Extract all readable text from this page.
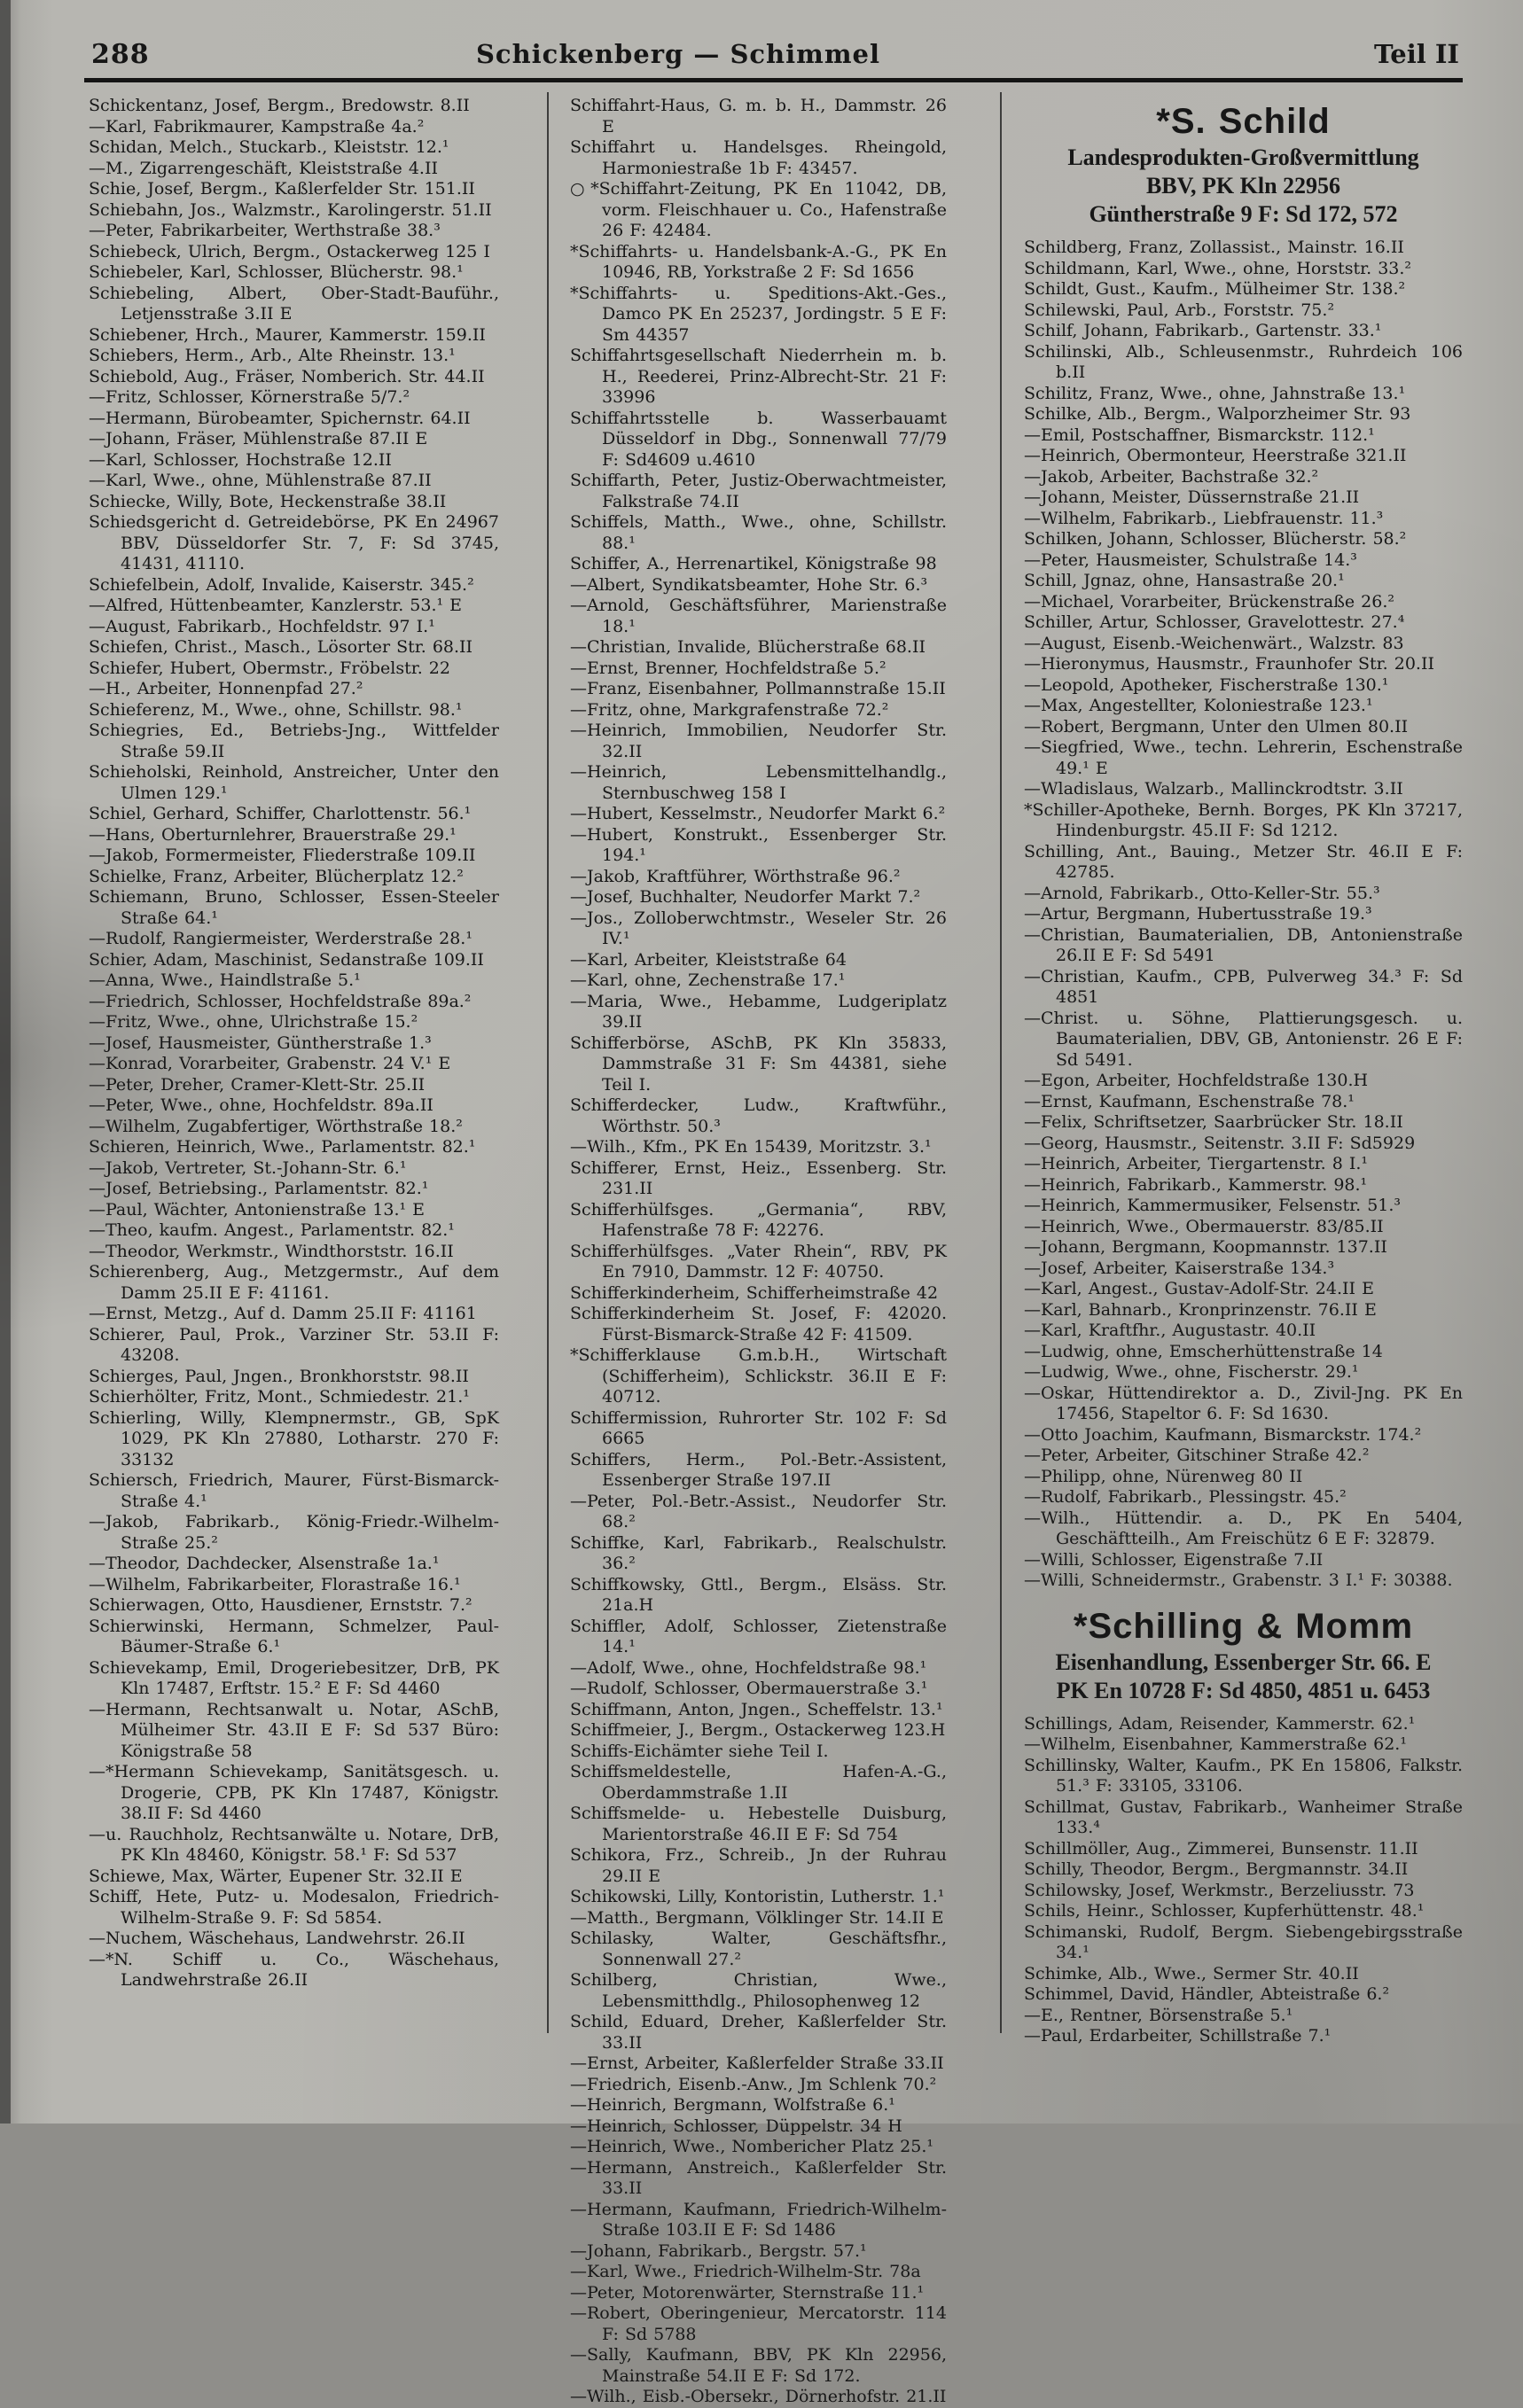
288	Schickenberg — Schimmel	Teil II
Schickentanz, Josef, Bergm., Bredowstr. 8.II
—Karl, Fabrikmaurer, Kampstraße 4a.²
Schidan, Melch., Stuckarb., Kleiststr. 12.¹
—M., Zigarrengeschäft, Kleiststraße 4.II
Schie, Josef, Bergm., Kaßlerfelder Str. 151.II
Schiebahn, Jos., Walzmstr., Karolingerstr. 51.II
—Peter, Fabrikarbeiter, Werthstraße 38.³
Schiebeck, Ulrich, Bergm., Ostackerweg 125 I
Schiebeler, Karl, Schlosser, Blücherstr. 98.¹
Schiebeling, Albert, Ober-Stadt-Bauführ., Letjensstraße 3.II E
Schiebener, Hrch., Maurer, Kammerstr. 159.II
Schiebers, Herm., Arb., Alte Rheinstr. 13.¹
Schiebold, Aug., Fräser, Nomberich. Str. 44.II
—Fritz, Schlosser, Körnerstraße 5/7.²
—Hermann, Bürobeamter, Spichernstr. 64.II
—Johann, Fräser, Mühlenstraße 87.II E
—Karl, Schlosser, Hochstraße 12.II
—Karl, Wwe., ohne, Mühlenstraße 87.II
Schiecke, Willy, Bote, Heckenstraße 38.II
Schiedsgericht d. Getreidebörse, PK En 24967 BBV, Düsseldorfer Str. 7, F: Sd 3745, 41431, 41110.
Schiefelbein, Adolf, Invalide, Kaiserstr. 345.²
—Alfred, Hüttenbeamter, Kanzlerstr. 53.¹ E
—August, Fabrikarb., Hochfeldstr. 97 I.¹
Schiefen, Christ., Masch., Lösorter Str. 68.II
Schiefer, Hubert, Obermstr., Fröbelstr. 22
—H., Arbeiter, Honnenpfad 27.²
Schieferenz, M., Wwe., ohne, Schillstr. 98.¹
Schiegries, Ed., Betriebs-Jng., Wittfelder Straße 59.II
Schieholski, Reinhold, Anstreicher, Unter den Ulmen 129.¹
Schiel, Gerhard, Schiffer, Charlottenstr. 56.¹
—Hans, Oberturnlehrer, Brauerstraße 29.¹
—Jakob, Formermeister, Fliederstraße 109.II
Schielke, Franz, Arbeiter, Blücherplatz 12.²
Schiemann, Bruno, Schlosser, Essen-Steeler Straße 64.¹
—Rudolf, Rangiermeister, Werderstraße 28.¹
Schier, Adam, Maschinist, Sedanstraße 109.II
—Anna, Wwe., Haindlstraße 5.¹
—Friedrich, Schlosser, Hochfeldstraße 89a.²
—Fritz, Wwe., ohne, Ulrichstraße 15.²
—Josef, Hausmeister, Güntherstraße 1.³
—Konrad, Vorarbeiter, Grabenstr. 24 V.¹ E
—Peter, Dreher, Cramer-Klett-Str. 25.II
—Peter, Wwe., ohne, Hochfeldstr. 89a.II
—Wilhelm, Zugabfertiger, Wörthstraße 18.²
Schieren, Heinrich, Wwe., Parlamentstr. 82.¹
—Jakob, Vertreter, St.-Johann-Str. 6.¹
—Josef, Betriebsing., Parlamentstr. 82.¹
—Paul, Wächter, Antonienstraße 13.¹ E
—Theo, kaufm. Angest., Parlamentstr. 82.¹
—Theodor, Werkmstr., Windthorststr. 16.II
Schierenberg, Aug., Metzgermstr., Auf dem Damm 25.II E F: 41161.
—Ernst, Metzg., Auf d. Damm 25.II F: 41161
Schierer, Paul, Prok., Varziner Str. 53.II F: 43208.
Schierges, Paul, Jngen., Bronkhorststr. 98.II
Schierhölter, Fritz, Mont., Schmiedestr. 21.¹
Schierling, Willy, Klempnermstr., GB, SpK 1029, PK Kln 27880, Lotharstr. 270 F: 33132
Schiersch, Friedrich, Maurer, Fürst-Bismarck-Straße 4.¹
—Jakob, Fabrikarb., König-Friedr.-Wilhelm-Straße 25.²
—Theodor, Dachdecker, Alsenstraße 1a.¹
—Wilhelm, Fabrikarbeiter, Florastraße 16.¹
Schierwagen, Otto, Hausdiener, Ernststr. 7.²
Schierwinski, Hermann, Schmelzer, Paul-Bäumer-Straße 6.¹
Schievekamp, Emil, Drogeriebesitzer, DrB, PK Kln 17487, Erftstr. 15.² E F: Sd 4460
—Hermann, Rechtsanwalt u. Notar, ASchB, Mülheimer Str. 43.II E F: Sd 537 Büro: Königstraße 58
—*Hermann Schievekamp, Sanitätsgesch. u. Drogerie, CPB, PK Kln 17487, Königstr. 38.II F: Sd 4460
—u. Rauchholz, Rechtsanwälte u. Notare, DrB, PK Kln 48460, Königstr. 58.¹ F: Sd 537
Schiewe, Max, Wärter, Eupener Str. 32.II E
Schiff, Hete, Putz- u. Modesalon, Friedrich-Wilhelm-Straße 9. F: Sd 5854.
—Nuchem, Wäschehaus, Landwehrstr. 26.II
—*N. Schiff u. Co., Wäschehaus, Landwehrstraße 26.II
Schiffahrt-Haus, G. m. b. H., Dammstr. 26 E
Schiffahrt u. Handelsges. Rheingold, Harmoniestraße 1b F: 43457.
○*Schiffahrt-Zeitung, PK En 11042, DB, vorm. Fleischhauer u. Co., Hafenstraße 26 F: 42484.
*Schiffahrts- u. Handelsbank-A.-G., PK En 10946, RB, Yorkstraße 2 F: Sd 1656
*Schiffahrts- u. Speditions-Akt.-Ges., Damco PK En 25237, Jordingstr. 5 E F: Sm 44357
Schiffahrtsgesellschaft Niederrhein m. b. H., Reederei, Prinz-Albrecht-Str. 21 F: 33996
Schiffahrtsstelle b. Wasserbauamt Düsseldorf in Dbg., Sonnenwall 77/79 F: Sd4609 u.4610
Schiffarth, Peter, Justiz-Oberwachtmeister, Falkstraße 74.II
Schiffels, Matth., Wwe., ohne, Schillstr. 88.¹
Schiffer, A., Herrenartikel, Königstraße 98
—Albert, Syndikatsbeamter, Hohe Str. 6.³
—Arnold, Geschäftsführer, Marienstraße 18.¹
—Christian, Invalide, Blücherstraße 68.II
—Ernst, Brenner, Hochfeldstraße 5.²
—Franz, Eisenbahner, Pollmannstraße 15.II
—Fritz, ohne, Markgrafenstraße 72.²
—Heinrich, Immobilien, Neudorfer Str. 32.II
—Heinrich, Lebensmittelhandlg., Sternbuschweg 158 I
—Hubert, Kesselmstr., Neudorfer Markt 6.²
—Hubert, Konstrukt., Essenberger Str. 194.¹
—Jakob, Kraftführer, Wörthstraße 96.²
—Josef, Buchhalter, Neudorfer Markt 7.²
—Jos., Zolloberwchtmstr., Weseler Str. 26 IV.¹
—Karl, Arbeiter, Kleiststraße 64
—Karl, ohne, Zechenstraße 17.¹
—Maria, Wwe., Hebamme, Ludgeriplatz 39.II
Schifferbörse, ASchB, PK Kln 35833, Dammstraße 31 F: Sm 44381, siehe Teil I.
Schifferdecker, Ludw., Kraftwführ., Wörthstr. 50.³
—Wilh., Kfm., PK En 15439, Moritzstr. 3.¹
Schifferer, Ernst, Heiz., Essenberg. Str. 231.II
Schifferhülfsges. „Germania“, RBV, Hafenstraße 78 F: 42276.
Schifferhülfsges. „Vater Rhein“, RBV, PK En 7910, Dammstr. 12 F: 40750.
Schifferkinderheim, Schifferheimstraße 42
Schifferkinderheim St. Josef, F: 42020. Fürst-Bismarck-Straße 42 F: 41509.
*Schifferklause G.m.b.H., Wirtschaft (Schifferheim), Schlickstr. 36.II E F: 40712.
Schiffermission, Ruhrorter Str. 102 F: Sd 6665
Schiffers, Herm., Pol.-Betr.-Assistent, Essenberger Straße 197.II
—Peter, Pol.-Betr.-Assist., Neudorfer Str. 68.²
Schiffke, Karl, Fabrikarb., Realschulstr. 36.²
Schiffkowsky, Gttl., Bergm., Elsäss. Str. 21a.H
Schiffler, Adolf, Schlosser, Zietenstraße 14.¹
—Adolf, Wwe., ohne, Hochfeldstraße 98.¹
—Rudolf, Schlosser, Obermauerstraße 3.¹
Schiffmann, Anton, Jngen., Scheffelstr. 13.¹
Schiffmeier, J., Bergm., Ostackerweg 123.H
Schiffs-Eichämter siehe Teil I.
Schiffsmeldestelle, Hafen-A.-G., Oberdammstraße 1.II
Schiffsmelde- u. Hebestelle Duisburg, Marientorstraße 46.II E F: Sd 754
Schikora, Frz., Schreib., Jn der Ruhrau 29.II E
Schikowski, Lilly, Kontoristin, Lutherstr. 1.¹
—Matth., Bergmann, Völklinger Str. 14.II E
Schilasky, Walter, Geschäftsfhr., Sonnenwall 27.²
Schilberg, Christian, Wwe., Lebensmitthdlg., Philosophenweg 12
Schild, Eduard, Dreher, Kaßlerfelder Str. 33.II
—Ernst, Arbeiter, Kaßlerfelder Straße 33.II
—Friedrich, Eisenb.-Anw., Jm Schlenk 70.²
—Heinrich, Bergmann, Wolfstraße 6.¹
—Heinrich, Schlosser, Düppelstr. 34 H
—Heinrich, Wwe., Nombericher Platz 25.¹
—Hermann, Anstreich., Kaßlerfelder Str. 33.II
—Hermann, Kaufmann, Friedrich-Wilhelm-Straße 103.II E F: Sd 1486
—Johann, Fabrikarb., Bergstr. 57.¹
—Karl, Wwe., Friedrich-Wilhelm-Str. 78a
—Peter, Motorenwärter, Sternstraße 11.¹
—Robert, Oberingenieur, Mercatorstr. 114 F: Sd 5788
—Sally, Kaufmann, BBV, PK Kln 22956, Mainstraße 54.II E F: Sd 172.
—Wilh., Eisb.-Obersekr., Dörnerhofstr. 21.II
*S. Schild
Landesprodukten-Großvermittlung
BBV, PK Kln 22956
Güntherstraße 9 F: Sd 172, 572
Schildberg, Franz, Zollassist., Mainstr. 16.II
Schildmann, Karl, Wwe., ohne, Horststr. 33.²
Schildt, Gust., Kaufm., Mülheimer Str. 138.²
Schilewski, Paul, Arb., Forststr. 75.²
Schilf, Johann, Fabrikarb., Gartenstr. 33.¹
Schilinski, Alb., Schleusenmstr., Ruhrdeich 106 b.II
Schilitz, Franz, Wwe., ohne, Jahnstraße 13.¹
Schilke, Alb., Bergm., Walporzheimer Str. 93
—Emil, Postschaffner, Bismarckstr. 112.¹
—Heinrich, Obermonteur, Heerstraße 321.II
—Jakob, Arbeiter, Bachstraße 32.²
—Johann, Meister, Düssernstraße 21.II
—Wilhelm, Fabrikarb., Liebfrauenstr. 11.³
Schilken, Johann, Schlosser, Blücherstr. 58.²
—Peter, Hausmeister, Schulstraße 14.³
Schill, Jgnaz, ohne, Hansastraße 20.¹
—Michael, Vorarbeiter, Brückenstraße 26.²
Schiller, Artur, Schlosser, Gravelottestr. 27.⁴
—August, Eisenb.-Weichenwärt., Walzstr. 83
—Hieronymus, Hausmstr., Fraunhofer Str. 20.II
—Leopold, Apotheker, Fischerstraße 130.¹
—Max, Angestellter, Koloniestraße 123.¹
—Robert, Bergmann, Unter den Ulmen 80.II
—Siegfried, Wwe., techn. Lehrerin, Eschenstraße 49.¹ E
—Wladislaus, Walzarb., Mallinckrodtstr. 3.II
*Schiller-Apotheke, Bernh. Borges, PK Kln 37217, Hindenburgstr. 45.II F: Sd 1212.
Schilling, Ant., Bauing., Metzer Str. 46.II E F: 42785.
—Arnold, Fabrikarb., Otto-Keller-Str. 55.³
—Artur, Bergmann, Hubertusstraße 19.³
—Christian, Baumaterialien, DB, Antonienstraße 26.II E F: Sd 5491
—Christian, Kaufm., CPB, Pulverweg 34.³ F: Sd 4851
—Christ. u. Söhne, Plattierungsgesch. u. Baumaterialien, DBV, GB, Antonienstr. 26 E F: Sd 5491.
—Egon, Arbeiter, Hochfeldstraße 130.H
—Ernst, Kaufmann, Eschenstraße 78.¹
—Felix, Schriftsetzer, Saarbrücker Str. 18.II
—Georg, Hausmstr., Seitenstr. 3.II F: Sd5929
—Heinrich, Arbeiter, Tiergartenstr. 8 I.¹
—Heinrich, Fabrikarb., Kammerstr. 98.¹
—Heinrich, Kammermusiker, Felsenstr. 51.³
—Heinrich, Wwe., Obermauerstr. 83/85.II
—Johann, Bergmann, Koopmannstr. 137.II
—Josef, Arbeiter, Kaiserstraße 134.³
—Karl, Angest., Gustav-Adolf-Str. 24.II E
—Karl, Bahnarb., Kronprinzenstr. 76.II E
—Karl, Kraftfhr., Augustastr. 40.II
—Ludwig, ohne, Emscherhüttenstraße 14
—Ludwig, Wwe., ohne, Fischerstr. 29.¹
—Oskar, Hüttendirektor a. D., Zivil-Jng. PK En 17456, Stapeltor 6. F: Sd 1630.
—Otto Joachim, Kaufmann, Bismarckstr. 174.²
—Peter, Arbeiter, Gitschiner Straße 42.²
—Philipp, ohne, Nürenweg 80 II
—Rudolf, Fabrikarb., Plessingstr. 45.²
—Wilh., Hüttendir. a. D., PK En 5404, Geschäftteilh., Am Freischütz 6 E F: 32879.
—Willi, Schlosser, Eigenstraße 7.II
—Willi, Schneidermstr., Grabenstr. 3 I.¹ F: 30388.
*Schilling & Momm
Eisenhandlung, Essenberger Str. 66. E
PK En 10728 F: Sd 4850, 4851 u. 6453
Schillings, Adam, Reisender, Kammerstr. 62.¹
—Wilhelm, Eisenbahner, Kammerstraße 62.¹
Schillinsky, Walter, Kaufm., PK En 15806, Falkstr. 51.³ F: 33105, 33106.
Schillmat, Gustav, Fabrikarb., Wanheimer Straße 133.⁴
Schillmöller, Aug., Zimmerei, Bunsenstr. 11.II
Schilly, Theodor, Bergm., Bergmannstr. 34.II
Schilowsky, Josef, Werkmstr., Berzeliusstr. 73
Schils, Heinr., Schlosser, Kupferhüttenstr. 48.¹
Schimanski, Rudolf, Bergm. Siebengebirgsstraße 34.¹
Schimke, Alb., Wwe., Sermer Str. 40.II
Schimmel, David, Händler, Abteistraße 6.²
—E., Rentner, Börsenstraße 5.¹
—Paul, Erdarbeiter, Schillstraße 7.¹
